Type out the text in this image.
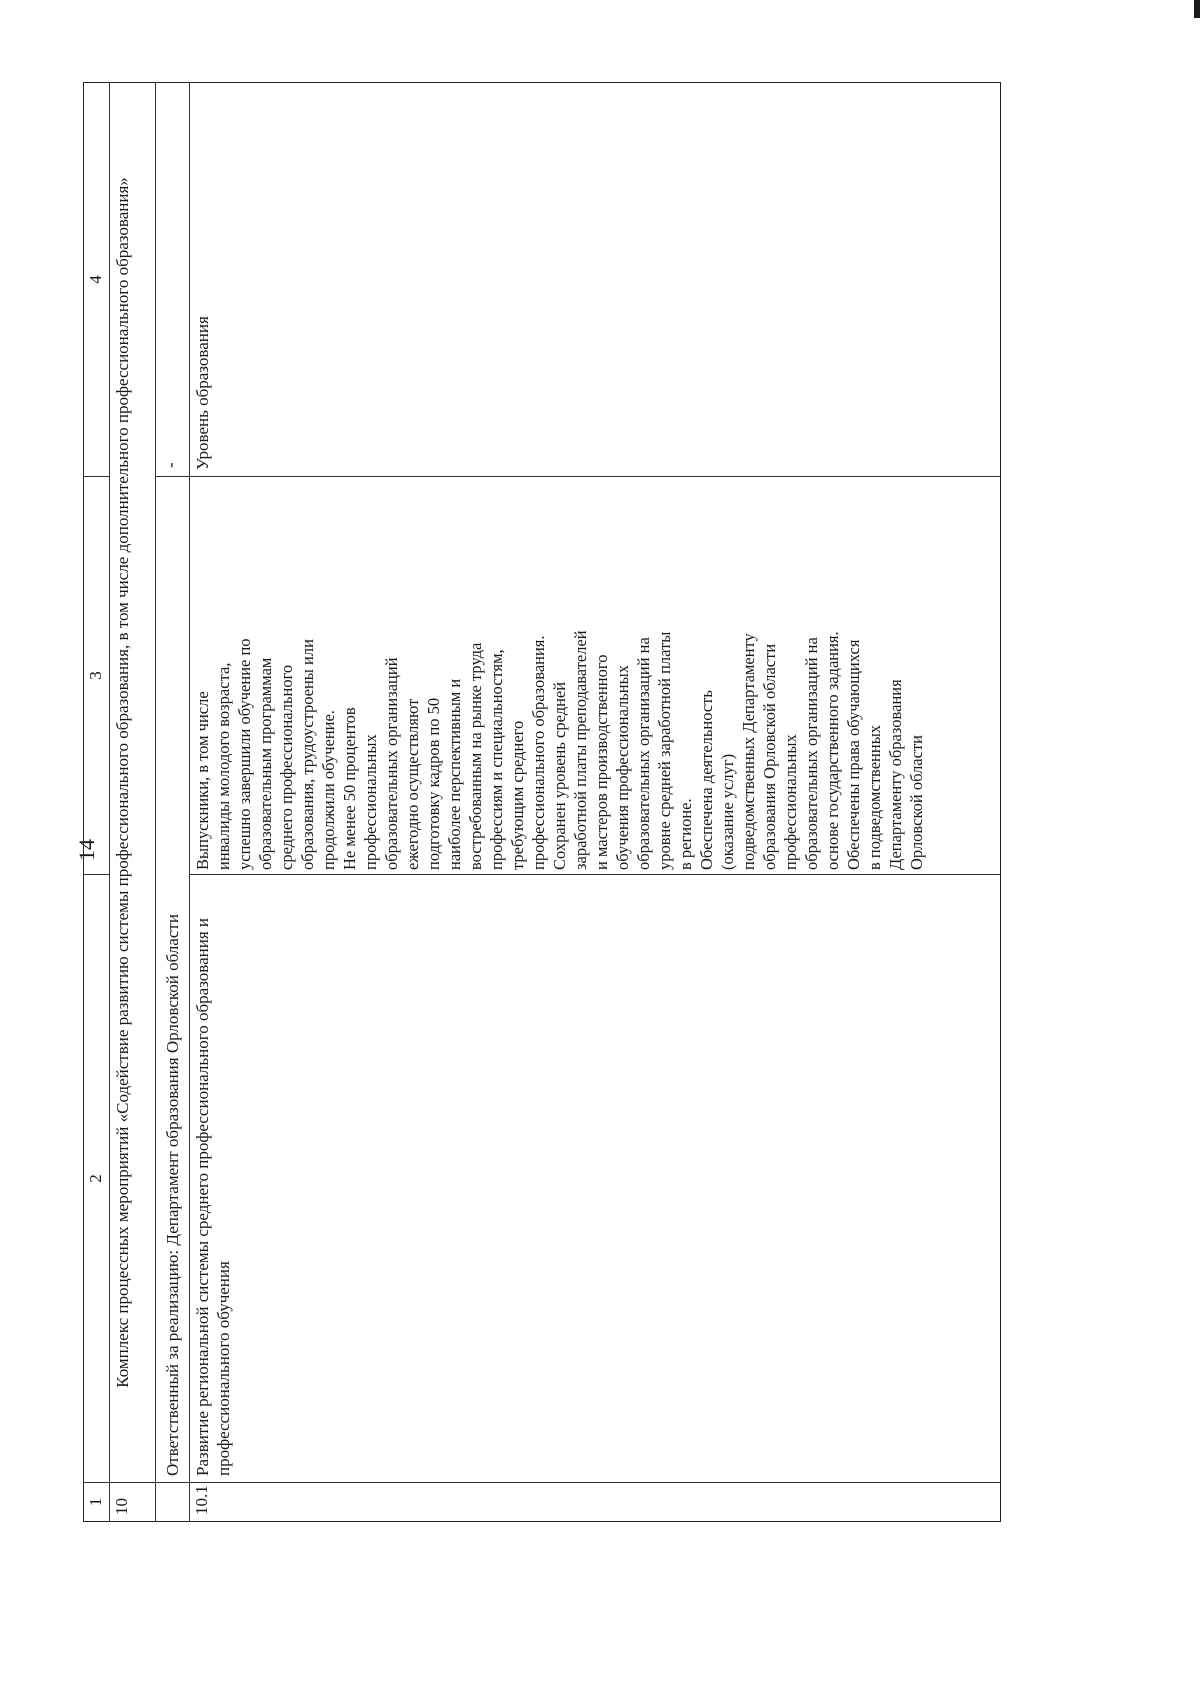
14
1
2
3
4
10
Комплекс процессных мероприятий «Содействие развитию системы профессионального образования, в том числе дополнительного профессионального образования»	Ответственный за реализацию: Департамент образования Орловской области
-
10.1
Развитие региональной системы среднего профессионального образования и профессионального обучения
Выпускники, в том числе
инвалиды молодого возраста,
успешно завершили обучение по
образовательным программам
среднего профессионального
образования, трудоустроены или
продолжили обучение.
Не менее 50 процентов
профессиональных
образовательных организаций
ежегодно осуществляют
подготовку кадров по 50
наиболее перспективным и
востребованным на рынке труда
профессиям и специальностям,
требующим среднего
профессионального образования.
Сохранен уровень средней
заработной платы преподавателей
и мастеров производственного
обучения профессиональных
образовательных организаций на
уровне средней заработной платы
в регионе.
Обеспечена деятельность
(оказание услуг)
подведомственных Департаменту
образования Орловской области
профессиональных
образовательных организаций на
основе государственного задания.
Обеспечены права обучающихся
в подведомственных
Департаменту образования
Орловской области
Уровень образования
